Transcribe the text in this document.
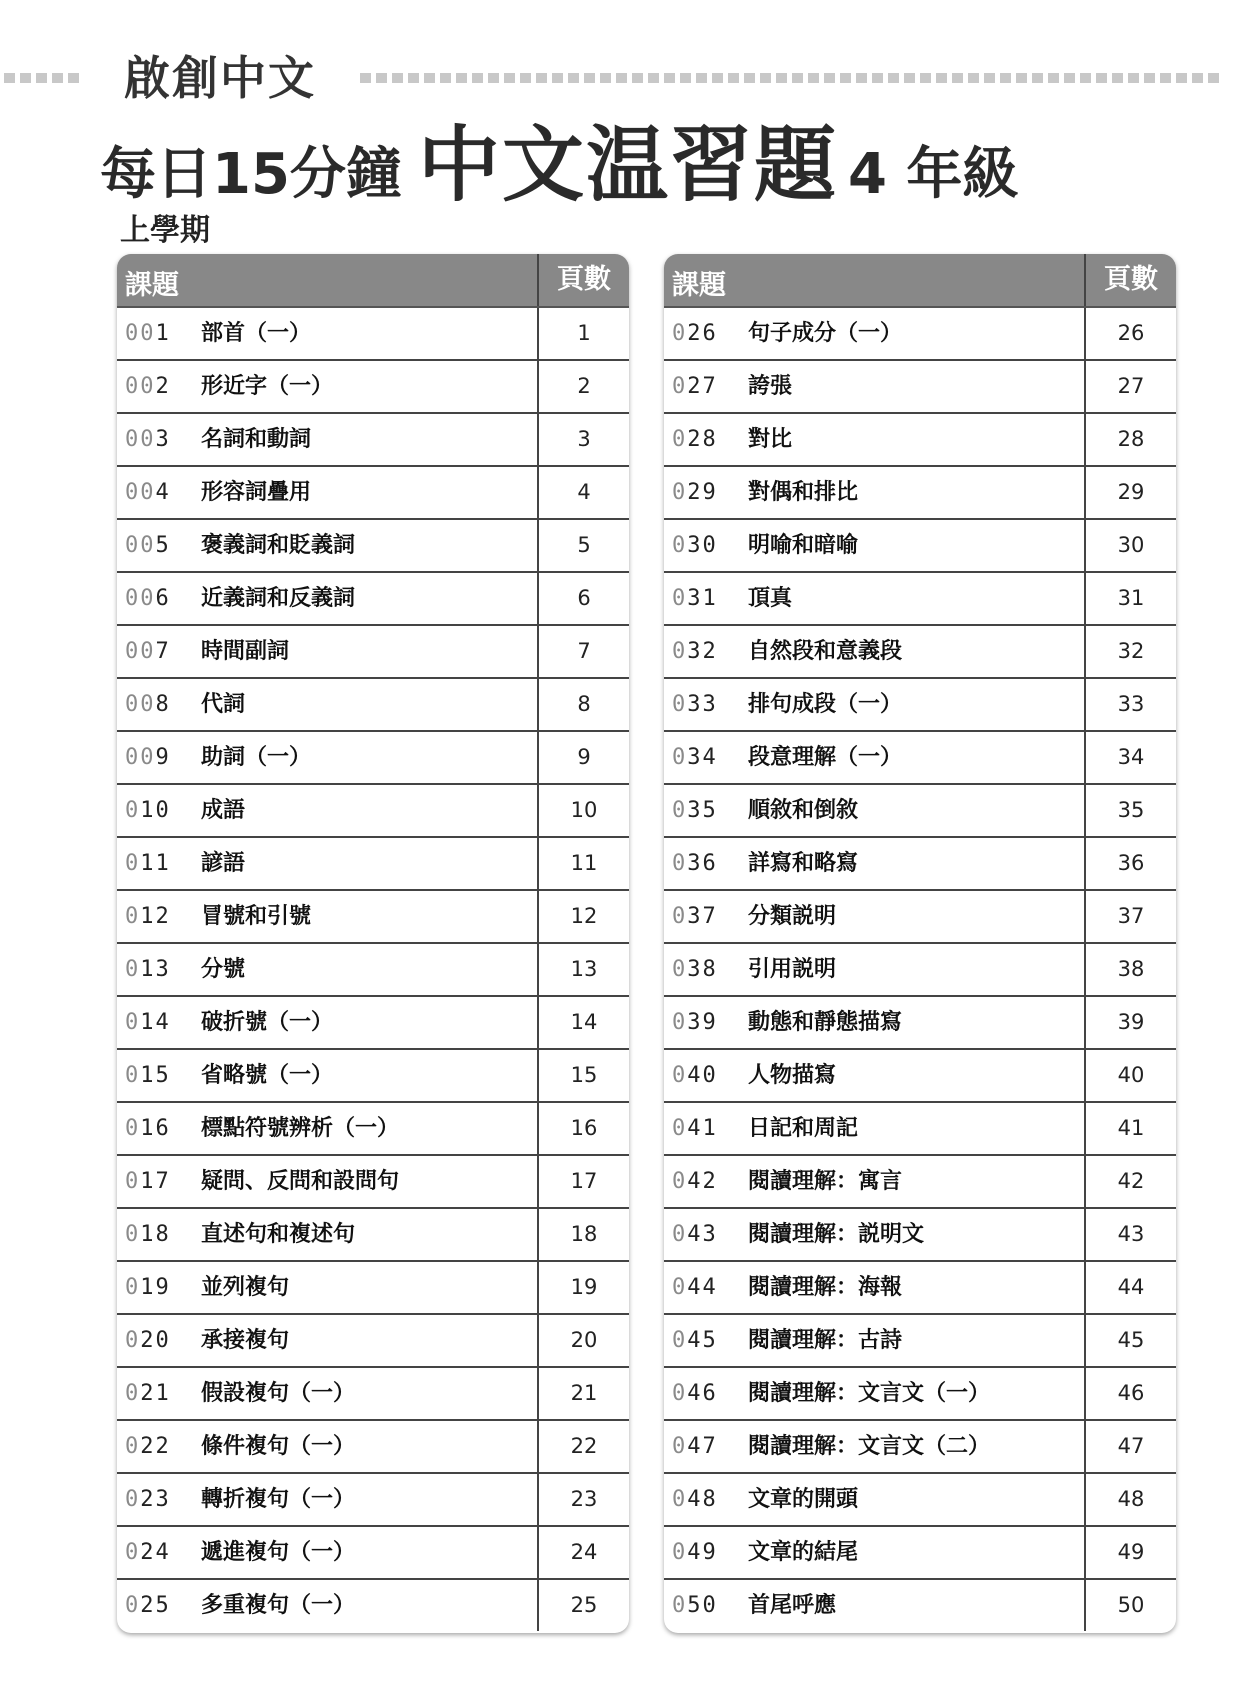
啟創中文
每日15分鐘 中文温習題 4 年級
上學期
課題	頁數
001 部首（一）	1
002 形近字（一）	2
003 名詞和動詞	3
004 形容詞疊用	4
005 褒義詞和貶義詞	5
006 近義詞和反義詞	6
007 時間副詞	7
008 代詞	8
009 助詞（一）	9
010 成語	10
011 諺語	11
012 冒號和引號	12
013 分號	13
014 破折號（一）	14
015 省略號（一）	15
016 標點符號辨析（一）	16
017 疑問、反問和設問句	17
018 直述句和複述句	18
019 並列複句	19
020 承接複句	20
021 假設複句（一）	21
022 條件複句（一）	22
023 轉折複句（一）	23
024 遞進複句（一）	24
025 多重複句（一）	25
課題	頁數
026 句子成分（一）	26
027 誇張	27
028 對比	28
029 對偶和排比	29
030 明喻和暗喻	30
031 頂真	31
032 自然段和意義段	32
033 排句成段（一）	33
034 段意理解（一）	34
035 順敘和倒敘	35
036 詳寫和略寫	36
037 分類説明	37
038 引用説明	38
039 動態和靜態描寫	39
040 人物描寫	40
041 日記和周記	41
042 閱讀理解：寓言	42
043 閱讀理解：説明文	43
044 閱讀理解：海報	44
045 閱讀理解：古詩	45
046 閱讀理解：文言文（一）	46
047 閱讀理解：文言文（二）	47
048 文章的開頭	48
049 文章的結尾	49
050 首尾呼應	50
